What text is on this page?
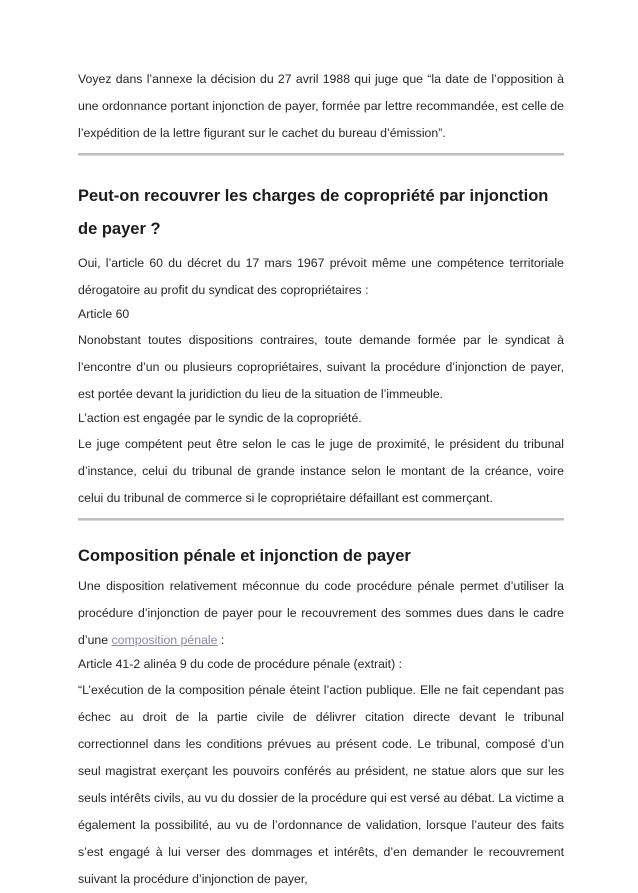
Voyez dans l’annexe la décision du 27 avril 1988 qui juge que “la date de l’opposition à une ordonnance portant injonction de payer, formée par lettre recommandée, est celle de l’expédition de la lettre figurant sur le cachet du bureau d’émission”.

Peut-on recouvrer les charges de copropriété par injonction de payer ?

Oui, l’article 60 du décret du 17 mars 1967 prévoit même une compétence territoriale dérogatoire au profit du syndicat des copropriétaires :

Article 60

Nonobstant toutes dispositions contraires, toute demande formée par le syndicat à l’encontre d’un ou plusieurs copropriétaires, suivant la procédure d’injonction de payer, est portée devant la juridiction du lieu de la situation de l’immeuble.

L’action est engagée par le syndic de la copropriété.

Le juge compétent peut être selon le cas le juge de proximité, le président du tribunal d’instance, celui du tribunal de grande instance selon le montant de la créance, voire celui du tribunal de commerce si le copropriétaire défaillant est commerçant.

Composition pénale et injonction de payer

Une disposition relativement méconnue du code procédure pénale permet d’utiliser la procédure d’injonction de payer pour le recouvrement des sommes dues dans le cadre d’une composition pénale :

Article 41-2 alinéa 9 du code de procédure pénale (extrait) :

“L’exécution de la composition pénale éteint l’action publique. Elle ne fait cependant pas échec au droit de la partie civile de délivrer citation directe devant le tribunal correctionnel dans les conditions prévues au présent code. Le tribunal, composé d’un seul magistrat exerçant les pouvoirs conférés au président, ne statue alors que sur les seuls intérêts civils, au vu du dossier de la procédure qui est versé au débat. La victime a également la possibilité, au vu de l’ordonnance de validation, lorsque l’auteur des faits s’est engagé à lui verser des dommages et intérêts, d’en demander le recouvrement suivant la procédure d’injonction de payer,
